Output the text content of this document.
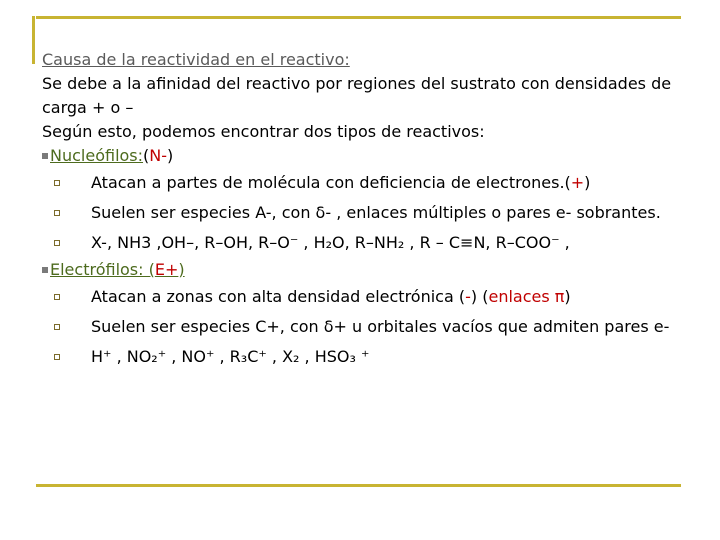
Causa de la reactividad en el reactivo:
Se debe a la afinidad del reactivo por regiones del sustrato con densidades de
carga + o –
Según esto, podemos encontrar dos tipos de reactivos:
Nucleófilos: ( N- )
Atacan a partes de molécula con deficiencia de electrones.( + )
Suelen ser especies A-, con δ- , enlaces múltiples o pares e- sobrantes.
X-, NH3 ,OH–, R–OH, R–O⁻ , H₂O, R–NH₂ , R – C≡N, R–COO⁻ ,
Electrófilos: (E+)
Atacan a zonas con alta densidad electrónica ( - ) ( enlaces π )
Suelen ser especies C+, con δ+ u orbitales vacíos que admiten pares e-
H⁺ , NO₂⁺ , NO⁺ , R₃C⁺ , X₂ , HSO₃ ⁺
